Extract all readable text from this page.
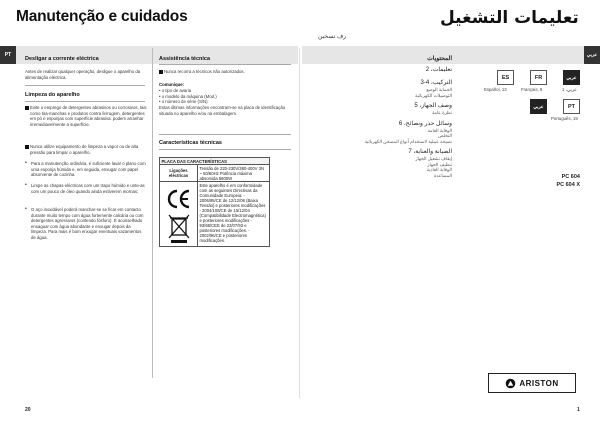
Manutenção e cuidados	تعليمات التشغيل
رف تسخين
PT	عربي
Desligar a corrente eléctrica
Antes de realizar qualquer operação, desligue o aparelho da alimentação eléctrica.
Limpeza do aparelho
Evite o emprego de detergentes abrasivos ou corrosivos, tais como tira-manchas e produtos contra ferrugem, detergentes em pó e esponjas com superfície abrasiva: podem arranhar irremediavelmente a superfície.
Nunca utilize equipamento de limpeza a vapor ou de alta pressão para limpar o aparelho.
• Para a manutenção ordinária, é suficiente lavar o plano com uma esponja húmida e, em seguida, enxugar com papel absorvente de cozinha.
• Limpe as chapas eléctricas com um trapo húmido e unte-as com um pouco de óleo quando ainda estiverem mornas;
• O aço inoxidável poderá manchar-se se ficar em contacto durante muito tempo com água fortemente calcária ou com detergentes agressivos (contendo fósforo). É aconselhado enxaguar com água abundante e enxugar depois da limpeza. Para mais é bom enxugar eventuais vazamentos de água.
Assistência técnica
Nunca recorra a técnicos não autorizados.
Comunique:
• o tipo de avaria
• o modelo da máquina (Mod.)
• o número de série (S/N)
Estas últimas informações encontram-se na placa de identificação situada no aparelho e/ou na embalagem.
Características técnicas
PLACA DAS CARACTERÍSTICAS	
Ligações eléctricas	Tensão de 220-230V/380-400V 3N ~ 50/60Hz Potência máxima absorvida 5600W
	Este aparelho é em conformidade com as seguintes Directivas da Comunidade Europeia: - 2006/95/CE de 12/12/06 (Baixa Tensão) e posteriores modificações - 2004/108/CE de 15/12/04 (Compatibilidade Electromagnética) e posteriores modificações - 93/68/CEE de 22/07/93 e posteriores modificações. - 2002/96/CE e posteriores modificações.
المحتويات
تعليمات، 2
التركيب، 4-3
الحماية الوضع
التوصيلات الكهربائية
وصف الجهاز، 5
نظرة عامة
وسائل حذر ونصائح، 6
الوقاية العامة
التخلص
نصيحة عملية لاستخدام أنواع المسخن الكهربائية
الصيانة والعناية، 7
إيقاف تشغيل الجهاز
تنظيف الجهاز
الوقاية العادية
المساعدة
ES
Español, 13
FR
Français, 8
عربي
عربي، 1
عربي	PT
Português, 19
PC 604
PC 604 X
ARISTON
20	1
